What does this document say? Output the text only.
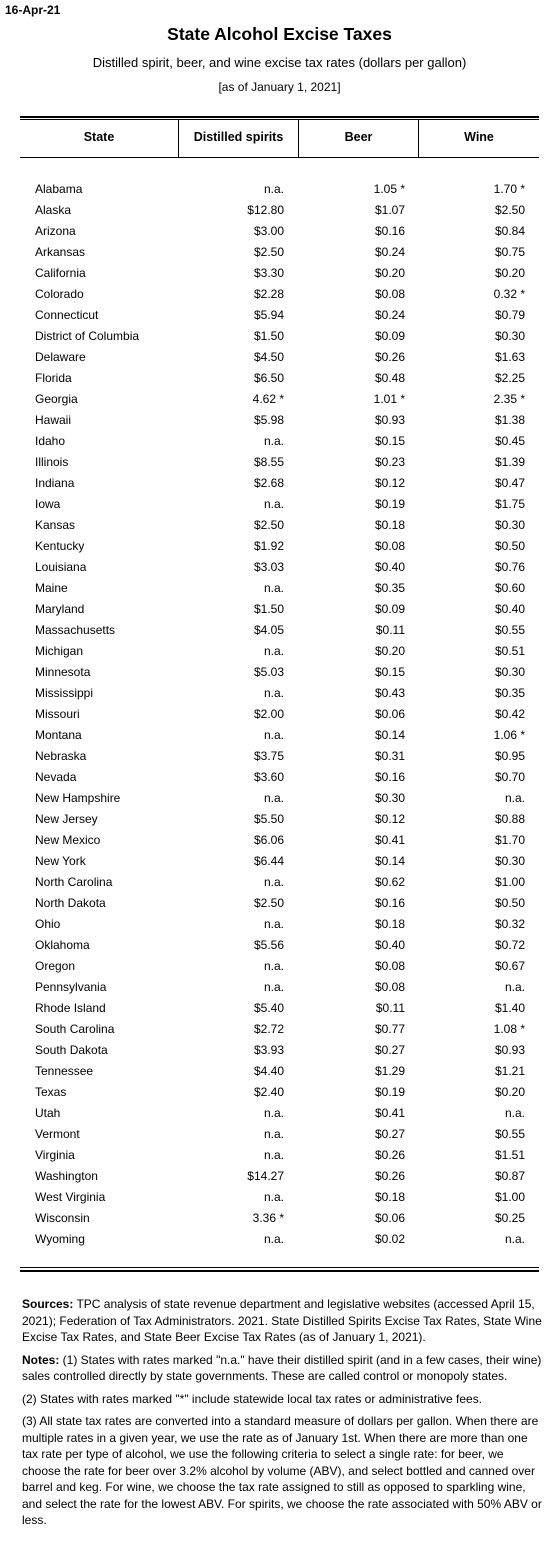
16-Apr-21
State Alcohol Excise Taxes
Distilled spirit, beer, and wine excise tax rates (dollars per gallon)
[as of January 1, 2021]
State	Distilled spirits	Beer	Wine
Alabama	n.a.	1.05 *	1.70 *
Alaska	$12.80	$1.07	$2.50
Arizona	$3.00	$0.16	$0.84
Arkansas	$2.50	$0.24	$0.75
California	$3.30	$0.20	$0.20
Colorado	$2.28	$0.08	0.32 *
Connecticut	$5.94	$0.24	$0.79
District of Columbia	$1.50	$0.09	$0.30
Delaware	$4.50	$0.26	$1.63
Florida	$6.50	$0.48	$2.25
Georgia	4.62 *	1.01 *	2.35 *
Hawaii	$5.98	$0.93	$1.38
Idaho	n.a.	$0.15	$0.45
Illinois	$8.55	$0.23	$1.39
Indiana	$2.68	$0.12	$0.47
Iowa	n.a.	$0.19	$1.75
Kansas	$2.50	$0.18	$0.30
Kentucky	$1.92	$0.08	$0.50
Louisiana	$3.03	$0.40	$0.76
Maine	n.a.	$0.35	$0.60
Maryland	$1.50	$0.09	$0.40
Massachusetts	$4.05	$0.11	$0.55
Michigan	n.a.	$0.20	$0.51
Minnesota	$5.03	$0.15	$0.30
Mississippi	n.a.	$0.43	$0.35
Missouri	$2.00	$0.06	$0.42
Montana	n.a.	$0.14	1.06 *
Nebraska	$3.75	$0.31	$0.95
Nevada	$3.60	$0.16	$0.70
New Hampshire	n.a.	$0.30	n.a.
New Jersey	$5.50	$0.12	$0.88
New Mexico	$6.06	$0.41	$1.70
New York	$6.44	$0.14	$0.30
North Carolina	n.a.	$0.62	$1.00
North Dakota	$2.50	$0.16	$0.50
Ohio	n.a.	$0.18	$0.32
Oklahoma	$5.56	$0.40	$0.72
Oregon	n.a.	$0.08	$0.67
Pennsylvania	n.a.	$0.08	n.a.
Rhode Island	$5.40	$0.11	$1.40
South Carolina	$2.72	$0.77	1.08 *
South Dakota	$3.93	$0.27	$0.93
Tennessee	$4.40	$1.29	$1.21
Texas	$2.40	$0.19	$0.20
Utah	n.a.	$0.41	n.a.
Vermont	n.a.	$0.27	$0.55
Virginia	n.a.	$0.26	$1.51
Washington	$14.27	$0.26	$0.87
West Virginia	n.a.	$0.18	$1.00
Wisconsin	3.36 *	$0.06	$0.25
Wyoming	n.a.	$0.02	n.a.

Sources: TPC analysis of state revenue department and legislative websites (accessed April 15, 2021); Federation of Tax Administrators. 2021. State Distilled Spirits Excise Tax Rates, State Wine Excise Tax Rates, and State Beer Excise Tax Rates (as of January 1, 2021).

Notes: (1) States with rates marked "n.a." have their distilled spirit (and in a few cases, their wine) sales controlled directly by state governments. These are called control or monopoly states.

(2) States with rates marked "*" include statewide local tax rates or administrative fees.

(3) All state tax rates are converted into a standard measure of dollars per gallon. When there are multiple rates in a given year, we use the rate as of January 1st. When there are more than one tax rate per type of alcohol, we use the following criteria to select a single rate: for beer, we choose the rate for beer over 3.2% alcohol by volume (ABV), and select bottled and canned over barrel and keg. For wine, we choose the tax rate assigned to still as opposed to sparkling wine, and select the rate for the lowest ABV. For spirits, we choose the rate associated with 50% ABV or less.
